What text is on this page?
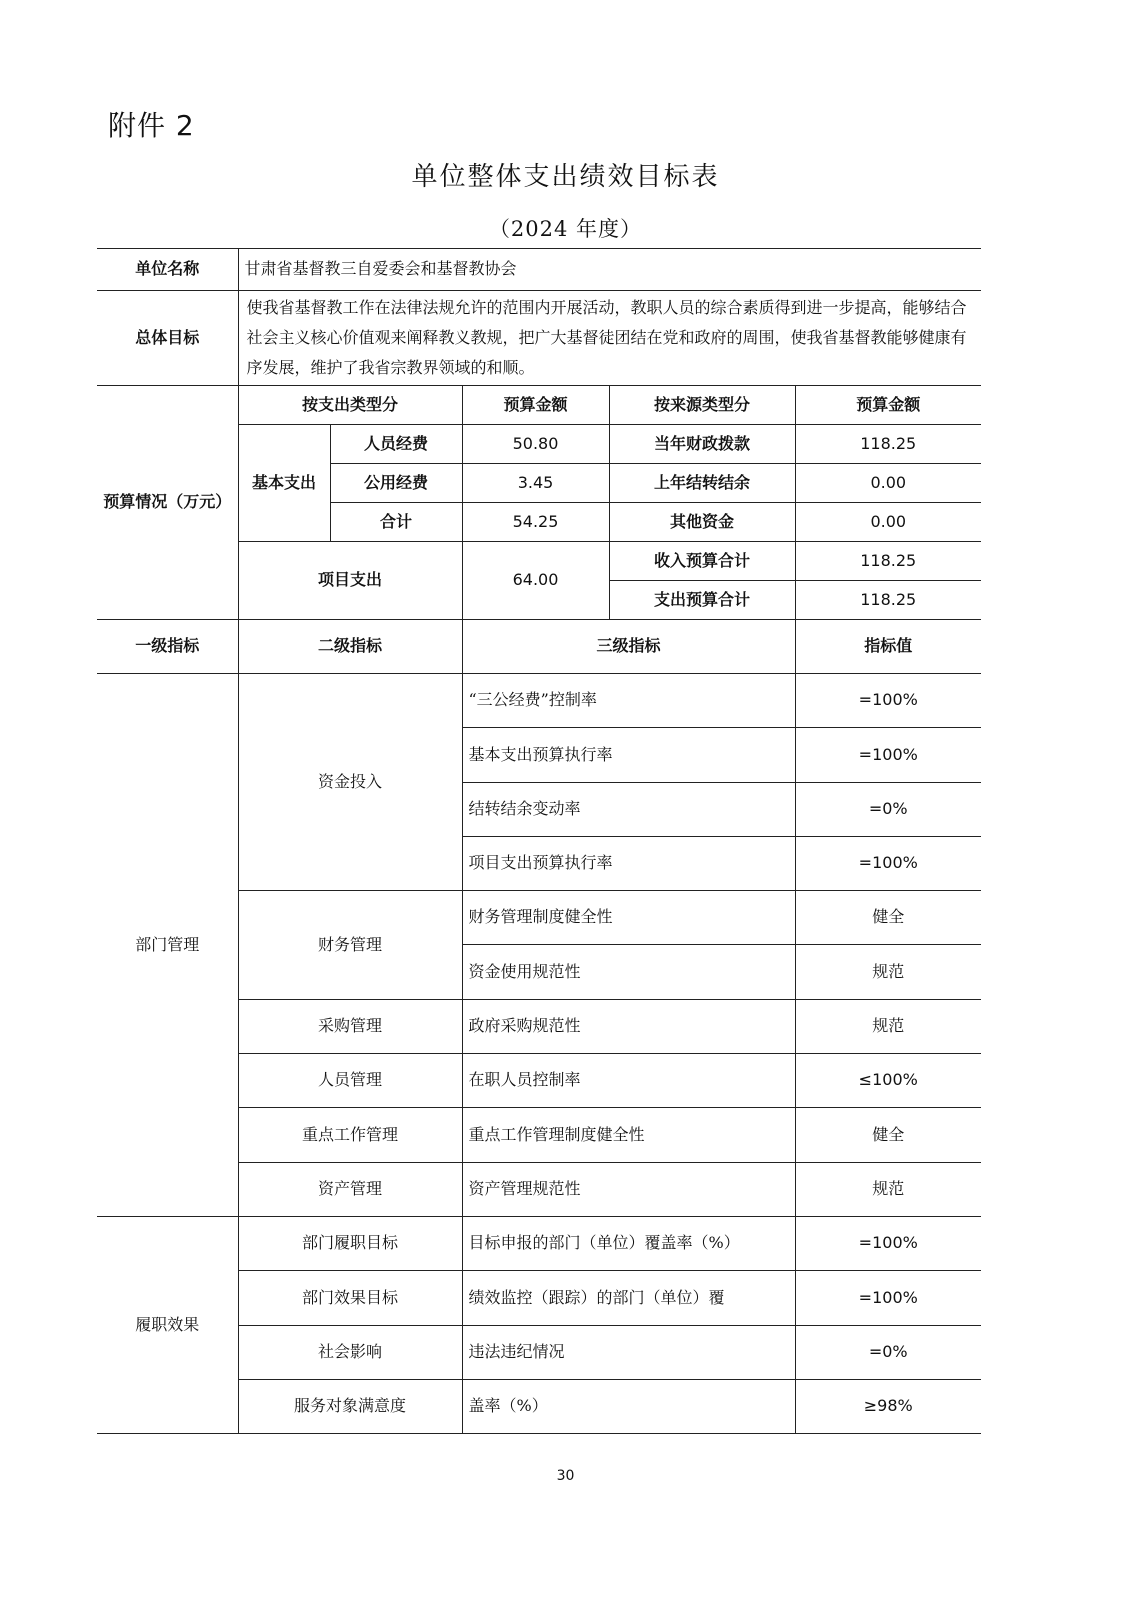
附件 2
单位整体支出绩效目标表
（2024 年度）
单位名称	甘肃省基督教三自爱委会和基督教协会				
总体目标	使我省基督教工作在法律法规允许的范围内开展活动，教职人员的综合素质得到进一步提高，能够结合社会主义核心价值观来阐释教义教规，把广大基督徒团结在党和政府的周围，使我省基督教能够健康有序发展，维护了我省宗教界领域的和顺。				
预算情况（万元）	按支出类型分		预算金额	按来源类型分	预算金额
	基本支出	人员经费	50.80	当年财政拨款	118.25
		公用经费	3.45	上年结转结余	0.00
		合计	54.25	其他资金	0.00
	项目支出		64.00	收入预算合计	118.25
				支出预算合计	118.25
一级指标	二级指标		三级指标		指标值
部门管理	资金投入		“三公经费”控制率		=100%
			基本支出预算执行率		=100%
			结转结余变动率		=0%
			项目支出预算执行率		=100%
	财务管理		财务管理制度健全性		健全
			资金使用规范性		规范
	采购管理		政府采购规范性		规范
	人员管理		在职人员控制率		≤100%
	重点工作管理		重点工作管理制度健全性		健全
	资产管理		资产管理规范性		规范
履职效果	部门履职目标		目标申报的部门（单位）覆盖率（%）		=100%
	部门效果目标		绩效监控（跟踪）的部门（单位）覆		=100%
	社会影响		违法违纪情况		=0%
	服务对象满意度		盖率（%）		≥98%
30
